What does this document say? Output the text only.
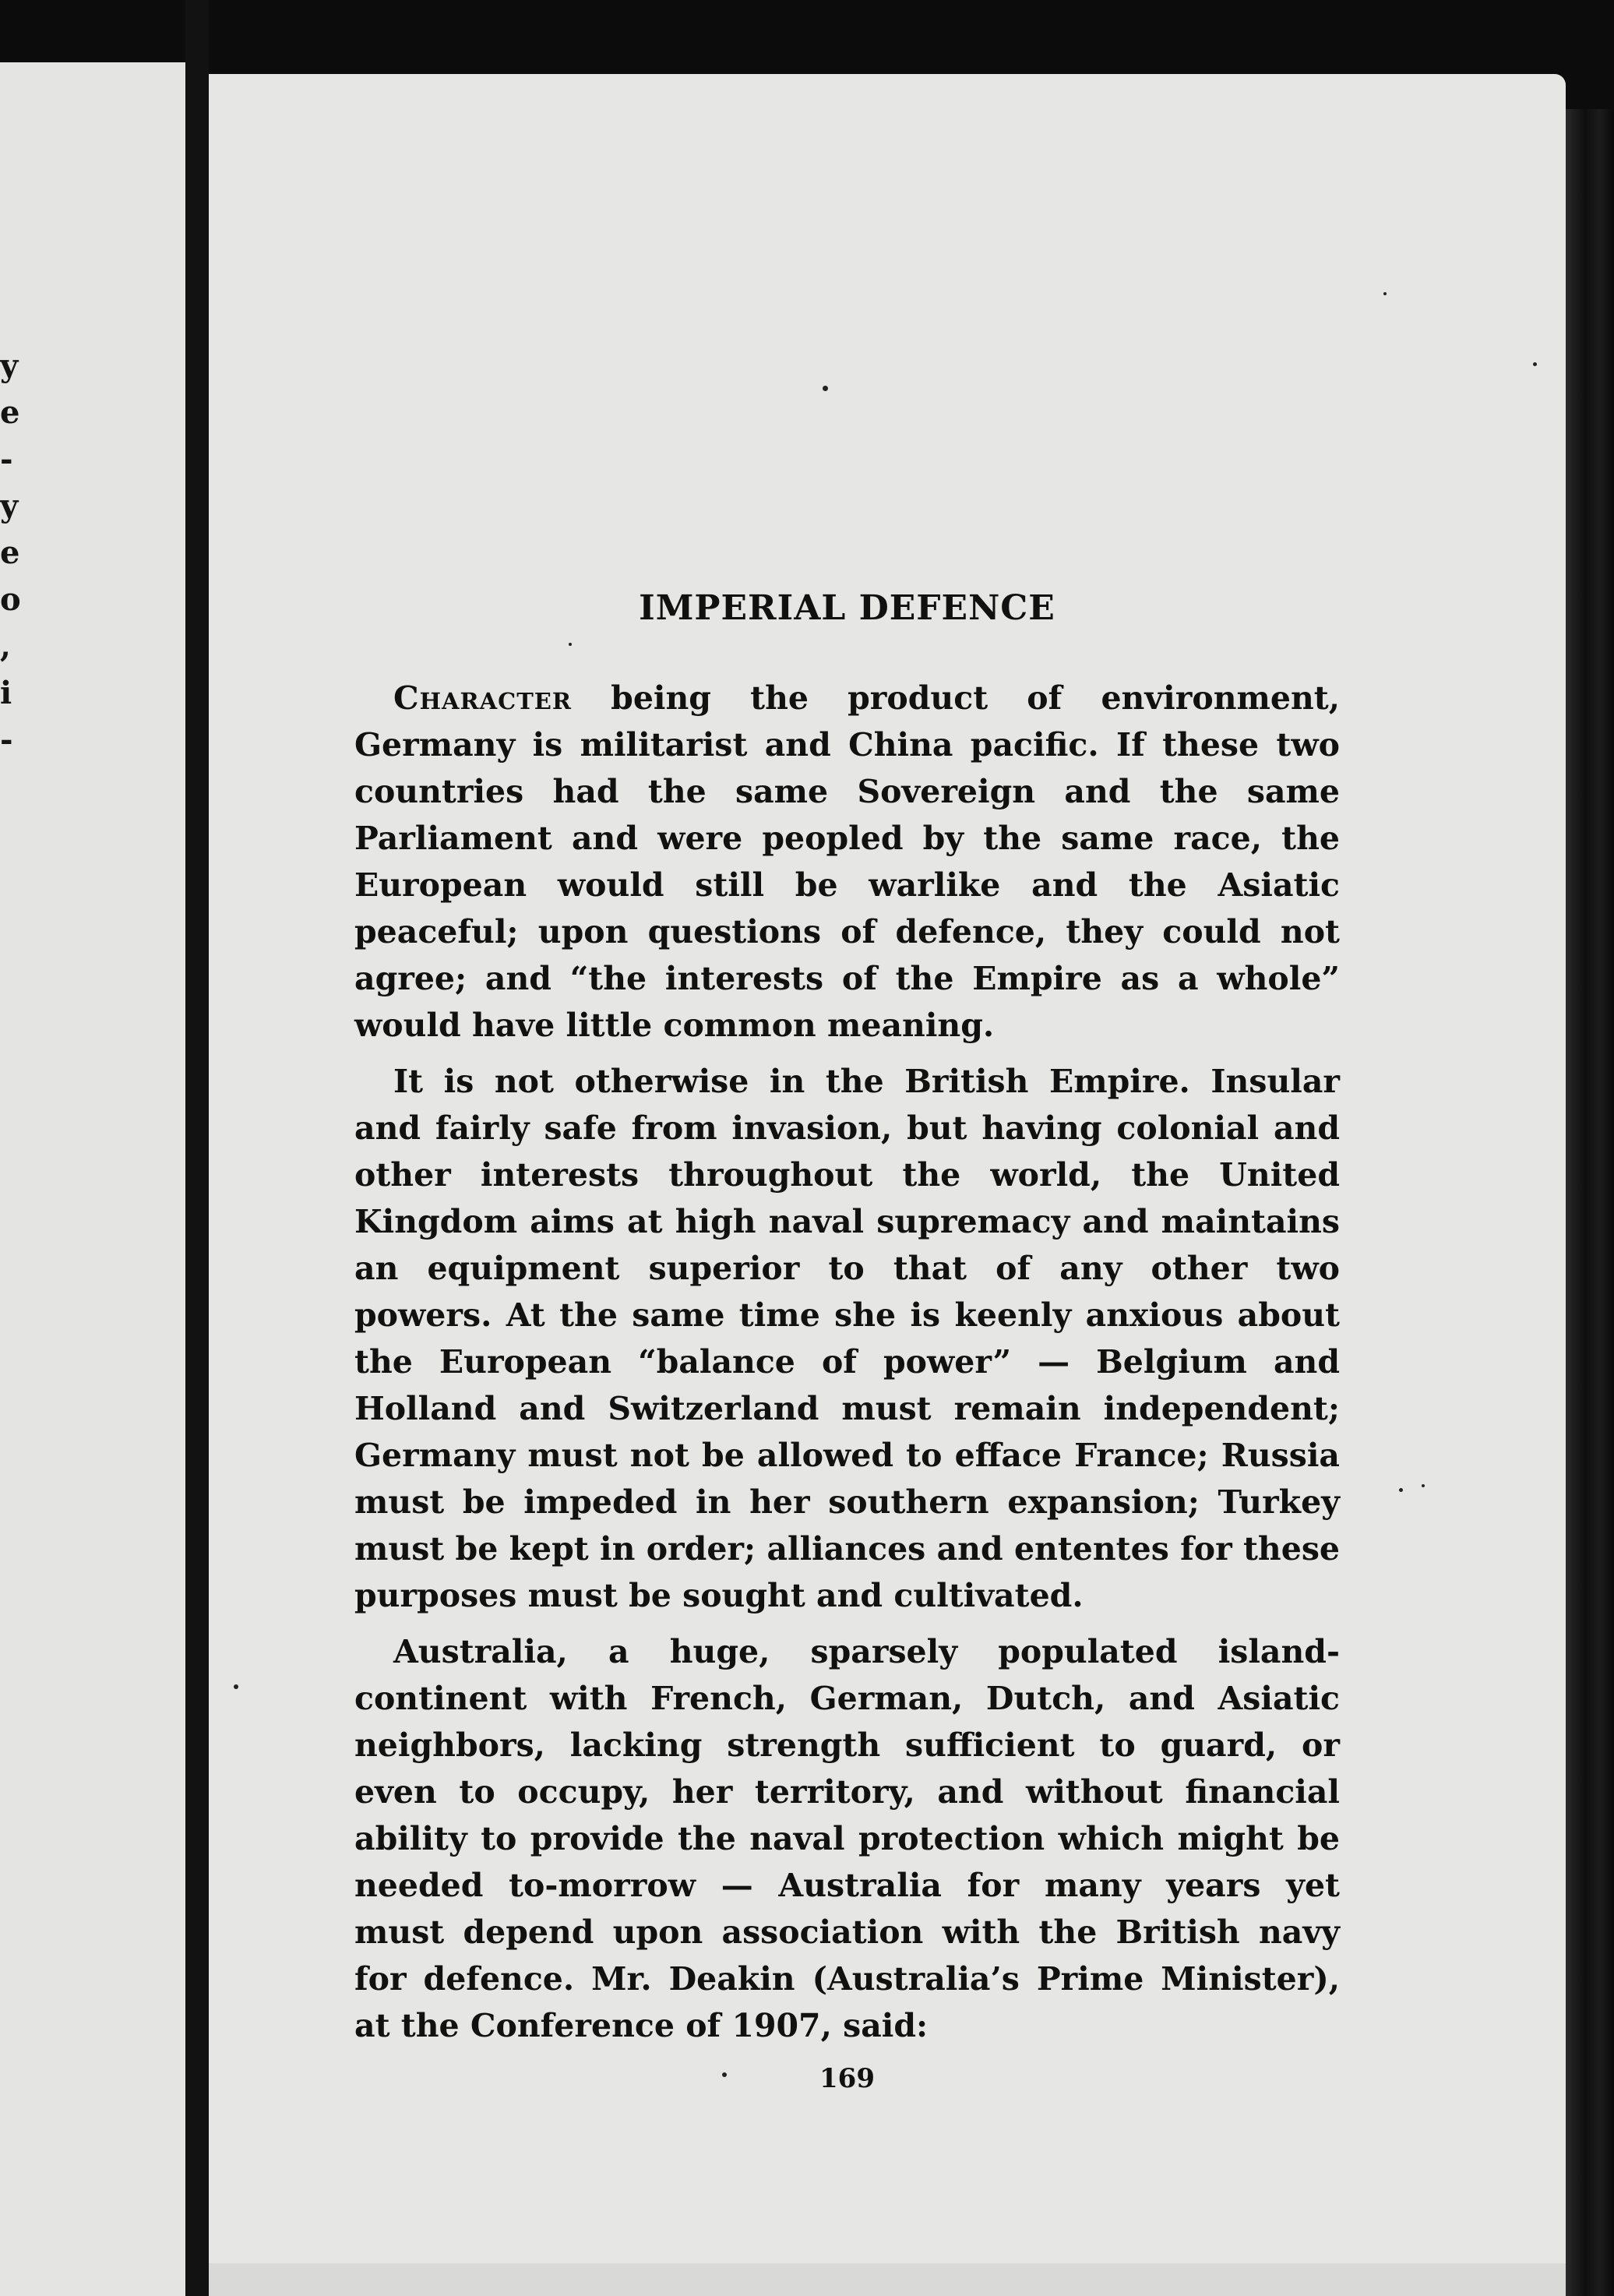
y
e
-
y
e
o
,
i
-
IMPERIAL DEFENCE

Character being the product of environment, Germany is militarist and China pacific. If these two countries had the same Sovereign and the same Parliament and were peopled by the same race, the European would still be warlike and the Asiatic peaceful; upon questions of defence, they could not agree; and “the interests of the Empire as a whole” would have little common meaning.

It is not otherwise in the British Empire. Insular and fairly safe from invasion, but having colonial and other interests throughout the world, the United Kingdom aims at high naval supremacy and maintains an equipment superior to that of any other two powers. At the same time she is keenly anxious about the European “balance of power” — Belgium and Holland and Switzerland must remain independent; Germany must not be allowed to efface France; Russia must be impeded in her southern expansion; Turkey must be kept in order; alliances and ententes for these purposes must be sought and cultivated.

Australia, a huge, sparsely populated island-continent with French, German, Dutch, and Asiatic neighbors, lacking strength sufficient to guard, or even to occupy, her territory, and without financial ability to provide the naval protection which might be needed to-morrow — Australia for many years yet must depend upon association with the British navy for defence. Mr. Deakin (Australia’s Prime Minister), at the Conference of 1907, said:

169
